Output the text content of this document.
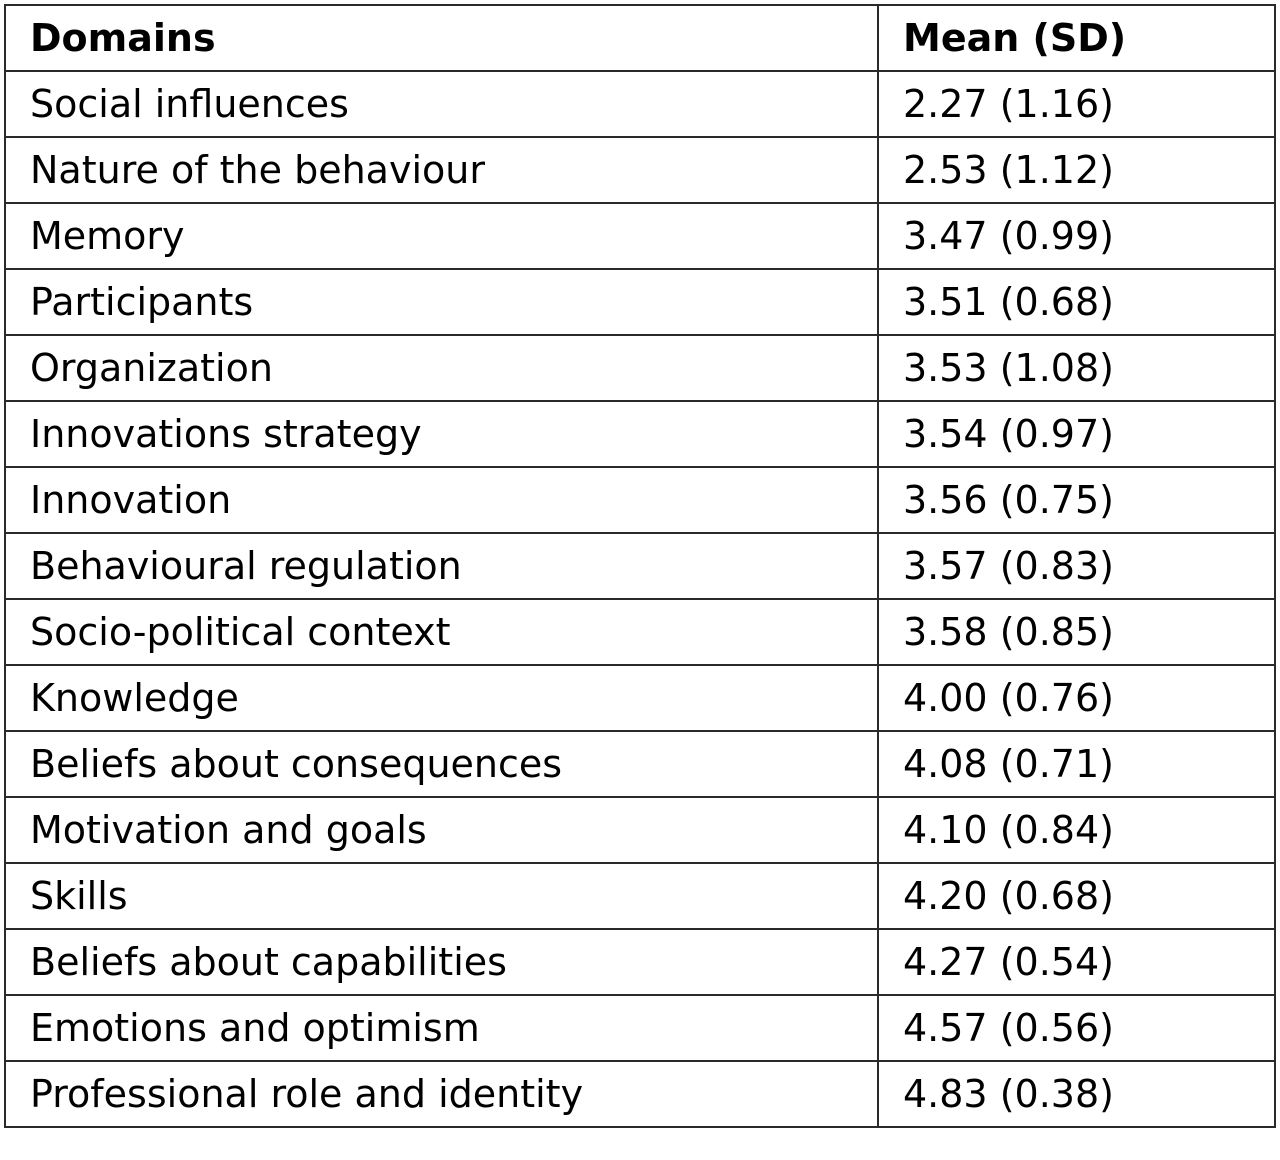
Domains	Mean (SD)
Social influences	2.27 (1.16)
Nature of the behaviour	2.53 (1.12)
Memory	3.47 (0.99)
Participants	3.51 (0.68)
Organization	3.53 (1.08)
Innovations strategy	3.54 (0.97)
Innovation	3.56 (0.75)
Behavioural regulation	3.57 (0.83)
Socio-political context	3.58 (0.85)
Knowledge	4.00 (0.76)
Beliefs about consequences	4.08 (0.71)
Motivation and goals	4.10 (0.84)
Skills	4.20 (0.68)
Beliefs about capabilities	4.27 (0.54)
Emotions and optimism	4.57 (0.56)
Professional role and identity	4.83 (0.38)
